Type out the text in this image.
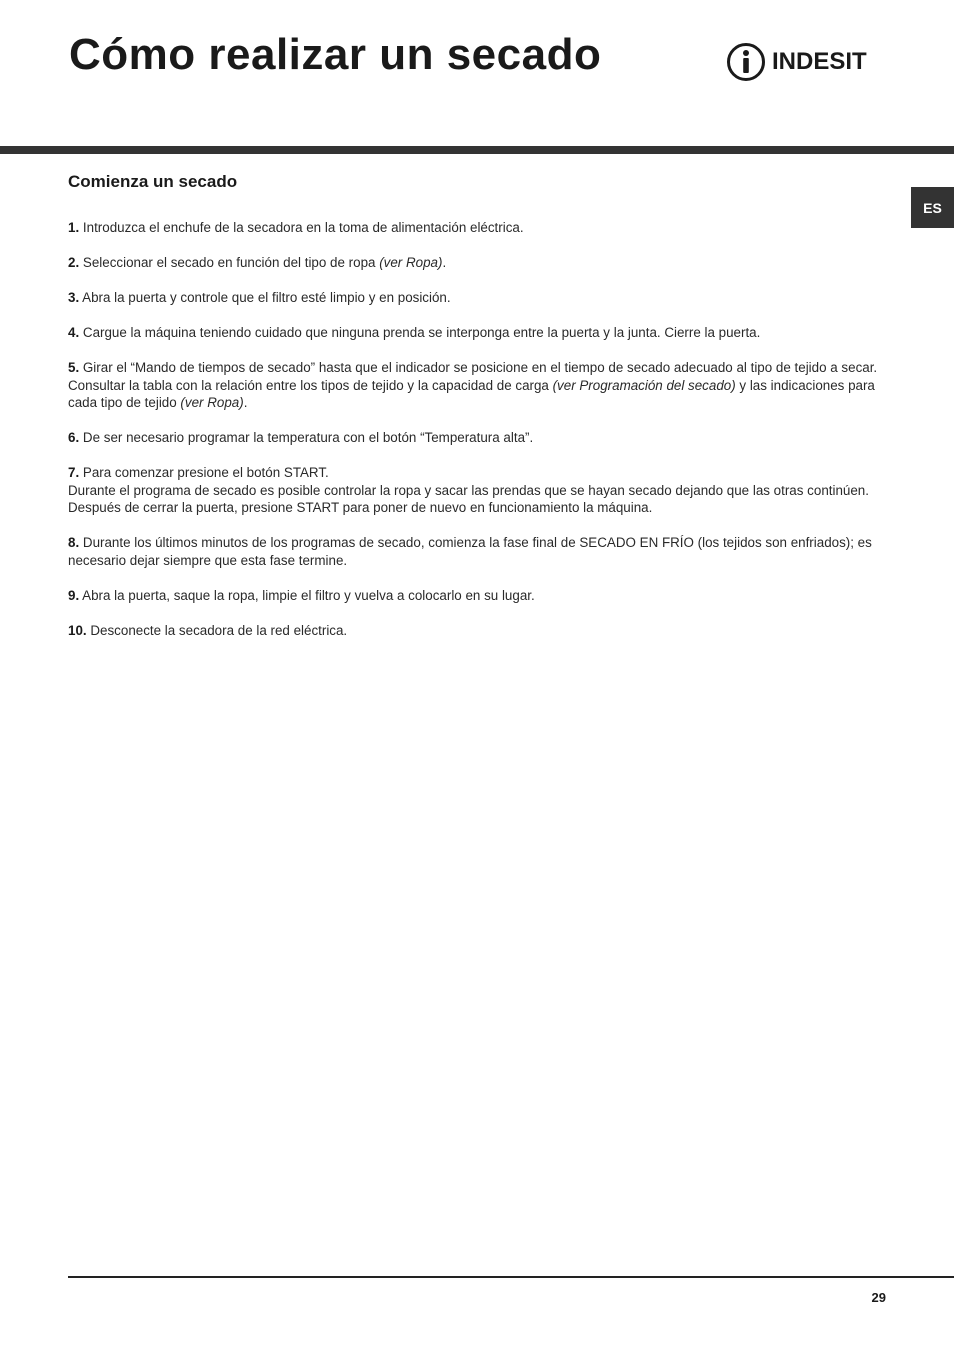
Cómo realizar un secado	INDESIT
ES
Comienza un secado

1. Introduzca el enchufe de la secadora en la toma de alimentación eléctrica.

2. Seleccionar el secado en función del tipo de ropa (ver Ropa).

3. Abra la puerta y controle que el filtro esté limpio y en posición.

4. Cargue la máquina teniendo cuidado que ninguna prenda se interponga entre la puerta y la junta. Cierre la puerta.

5. Girar el “Mando de tiempos de secado” hasta que el indicador se posicione en el tiempo de secado adecuado al tipo de tejido a secar. Consultar la tabla con la relación entre los tipos de tejido y la capacidad de carga (ver Programación del secado) y las indicaciones para cada tipo de tejido (ver Ropa).

6. De ser necesario programar la temperatura con el botón “Temperatura alta”.

7. Para comenzar presione el botón START.
Durante el programa de secado es posible controlar la ropa y sacar las prendas que se hayan secado dejando que las otras continúen. Después de cerrar la puerta, presione START para poner de nuevo en funcionamiento la máquina.

8. Durante los últimos minutos de los programas de secado, comienza la fase final de SECADO EN FRÍO (los tejidos son enfriados); es necesario dejar siempre que esta fase termine.

9. Abra la puerta, saque la ropa, limpie el filtro y vuelva a colocarlo en su lugar.

10. Desconecte la secadora de la red eléctrica.

29
